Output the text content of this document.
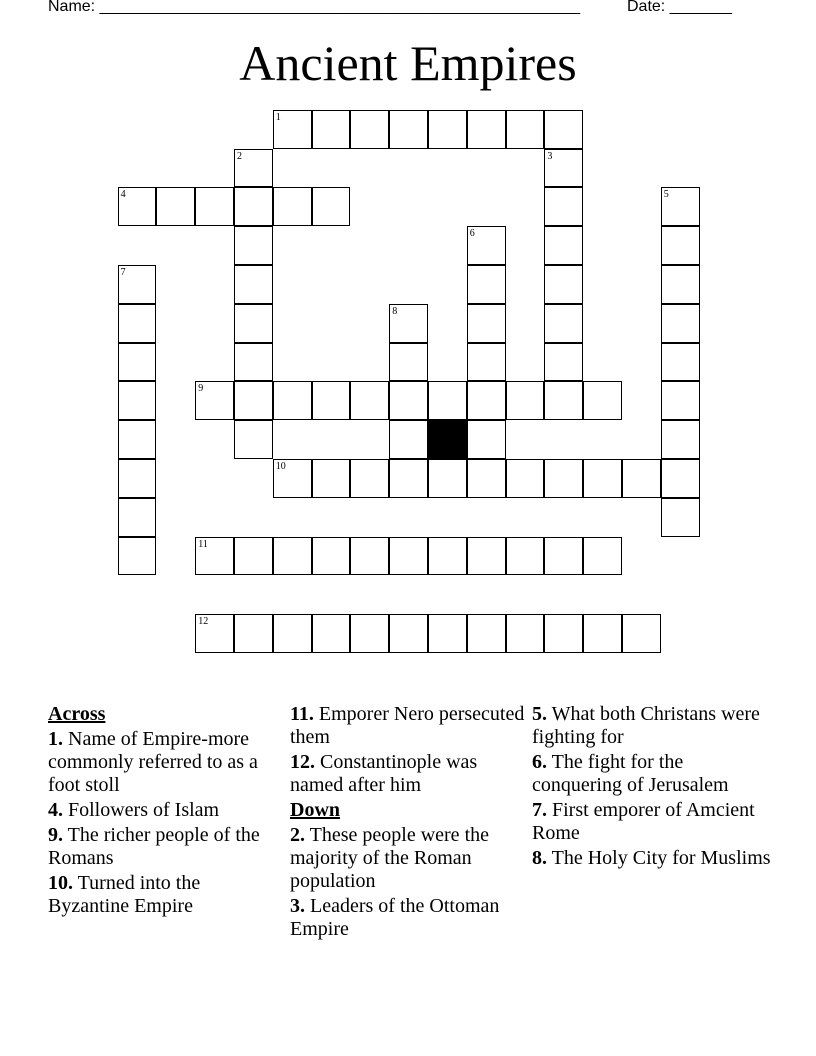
Name: ______________________________________________________	Date: _______
Ancient Empires
1
2	3
4	5
6
7
8
9
10
11
12
Across
1. Name of Empire-more commonly referred to as a foot stoll
4. Followers of Islam
9. The richer people of the Romans
10. Turned into the Byzantine Empire
11. Emporer Nero persecuted them
12. Constantinople was named after him
Down
2. These people were the majority of the Roman population
3. Leaders of the Ottoman Empire
5. What both Christans were fighting for
6. The fight for the conquering of Jerusalem
7. First emporer of Amcient Rome
8. The Holy City for Muslims
